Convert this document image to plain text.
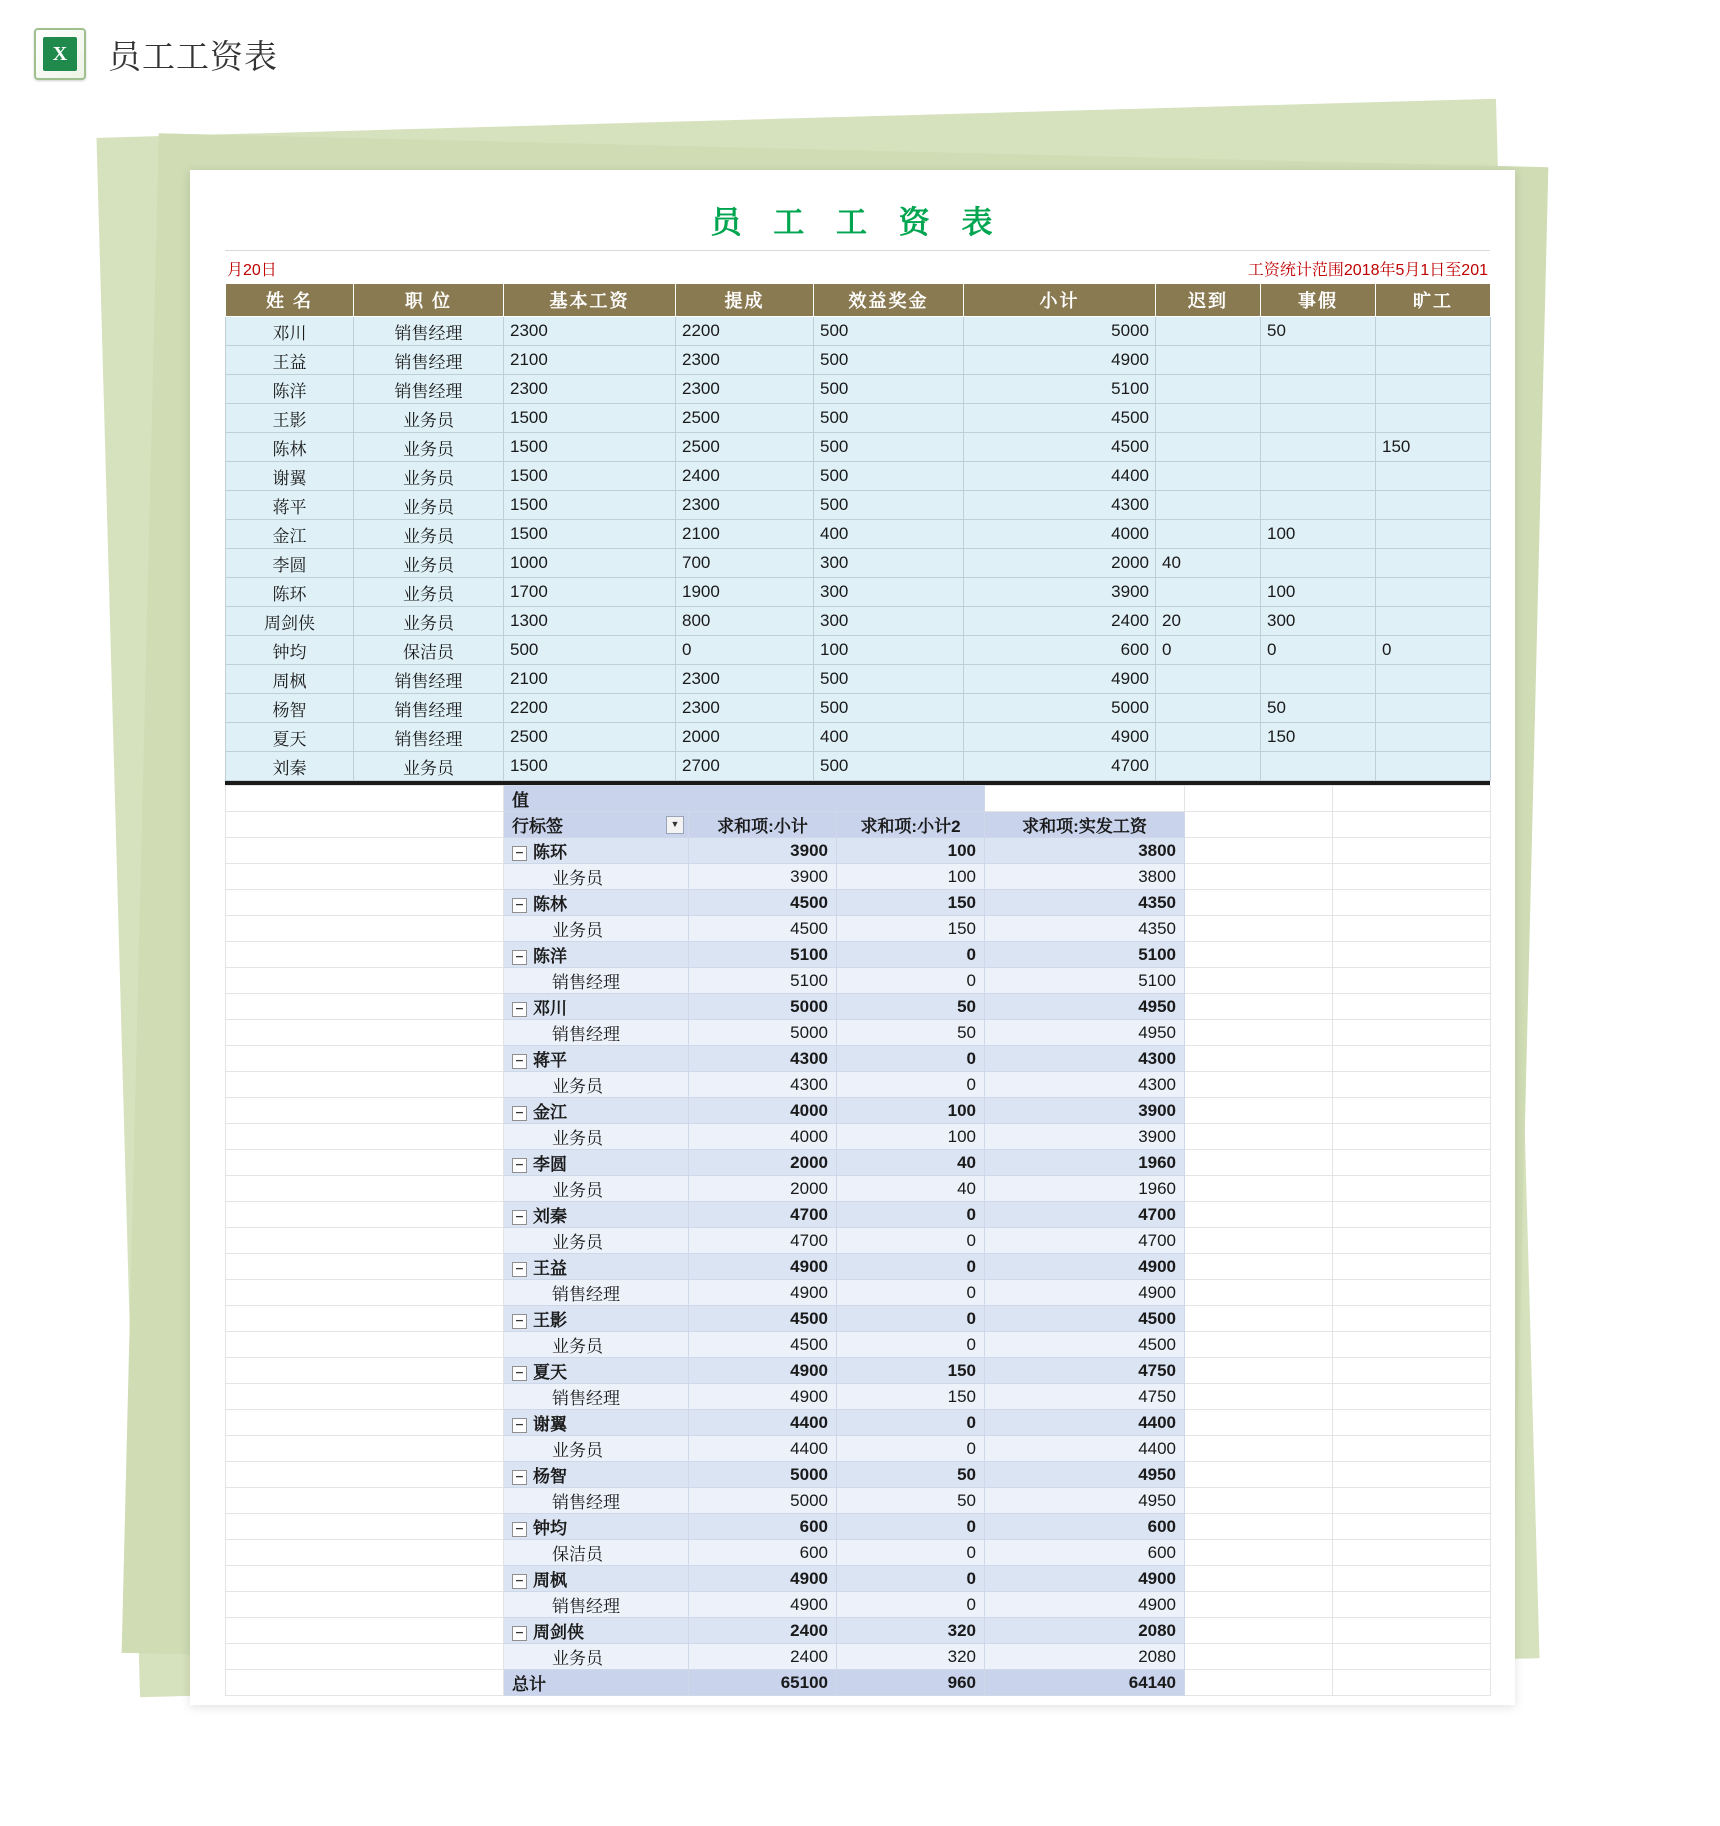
X 员工工资表
员 工 工 资 表
月20日	工资统计范围2018年5月1日至201
姓 名	职 位	基本工资	提成	效益奖金	小计	迟到	事假	旷工
邓川	销售经理	2300	2200	500	5000		50	
王益	销售经理	2100	2300	500	4900			
陈洋	销售经理	2300	2300	500	5100			
王影	业务员	1500	2500	500	4500			
陈林	业务员	1500	2500	500	4500			150
谢翼	业务员	1500	2400	500	4400			
蒋平	业务员	1500	2300	500	4300			
金江	业务员	1500	2100	400	4000		100	
李圆	业务员	1000	700	300	2000	40		
陈环	业务员	1700	1900	300	3900		100	
周剑侠	业务员	1300	800	300	2400	20	300	
钟均	保洁员	500	0	100	600	0	0	0
周枫	销售经理	2100	2300	500	4900			
杨智	销售经理	2200	2300	500	5000		50	
夏天	销售经理	2500	2000	400	4900		150	
刘秦	业务员	1500	2700	500	4700			
	值					
	行标签 ▼	求和项:小计	求和项:小计2	求和项:实发工资		
	− 陈环	3900	100	3800		
	业务员	3900	100	3800		
	− 陈林	4500	150	4350		
	业务员	4500	150	4350		
	− 陈洋	5100	0	5100		
	销售经理	5100	0	5100		
	− 邓川	5000	50	4950		
	销售经理	5000	50	4950		
	− 蒋平	4300	0	4300		
	业务员	4300	0	4300		
	− 金江	4000	100	3900		
	业务员	4000	100	3900		
	− 李圆	2000	40	1960		
	业务员	2000	40	1960		
	− 刘秦	4700	0	4700		
	业务员	4700	0	4700		
	− 王益	4900	0	4900		
	销售经理	4900	0	4900		
	− 王影	4500	0	4500		
	业务员	4500	0	4500		
	− 夏天	4900	150	4750		
	销售经理	4900	150	4750		
	− 谢翼	4400	0	4400		
	业务员	4400	0	4400		
	− 杨智	5000	50	4950		
	销售经理	5000	50	4950		
	− 钟均	600	0	600		
	保洁员	600	0	600		
	− 周枫	4900	0	4900		
	销售经理	4900	0	4900		
	− 周剑侠	2400	320	2080		
	业务员	2400	320	2080		
	总计	65100	960	64140		
